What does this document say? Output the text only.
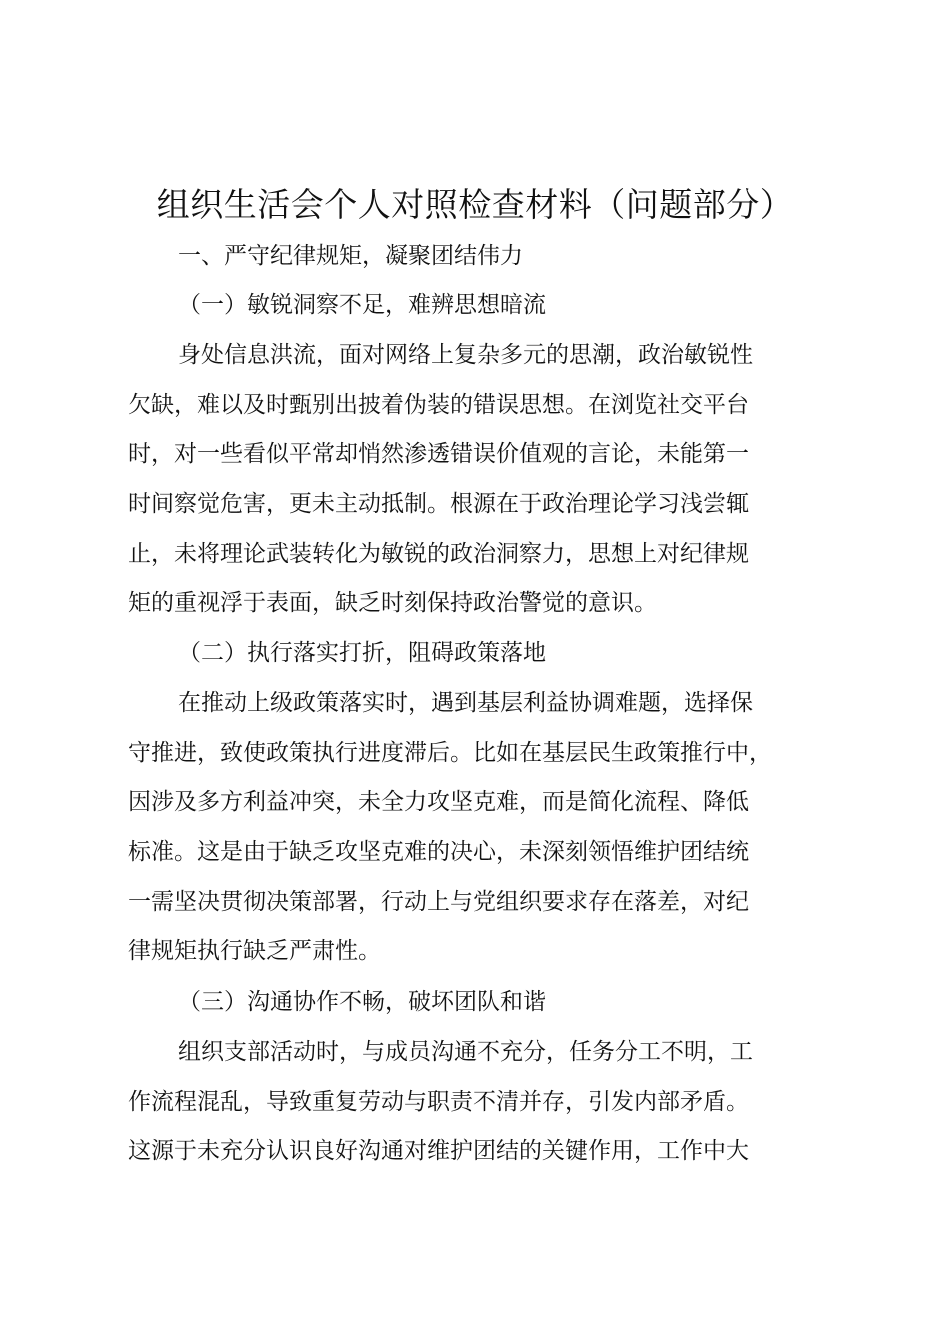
组织生活会个人对照检查材料（问题部分）
一、严守纪律规矩，凝聚团结伟力
（一）敏锐洞察不足，难辨思想暗流
身处信息洪流，面对网络上复杂多元的思潮，政治敏锐性
欠缺，难以及时甄别出披着伪装的错误思想。在浏览社交平台
时，对一些看似平常却悄然渗透错误价值观的言论，未能第一
时间察觉危害，更未主动抵制。根源在于政治理论学习浅尝辄
止，未将理论武装转化为敏锐的政治洞察力，思想上对纪律规
矩的重视浮于表面，缺乏时刻保持政治警觉的意识。
（二）执行落实打折，阻碍政策落地
在推动上级政策落实时，遇到基层利益协调难题，选择保
守推进，致使政策执行进度滞后。比如在基层民生政策推行中，
因涉及多方利益冲突，未全力攻坚克难，而是简化流程、降低
标准。这是由于缺乏攻坚克难的决心，未深刻领悟维护团结统
一需坚决贯彻决策部署，行动上与党组织要求存在落差，对纪
律规矩执行缺乏严肃性。
（三）沟通协作不畅，破坏团队和谐
组织支部活动时，与成员沟通不充分，任务分工不明，工
作流程混乱，导致重复劳动与职责不清并存，引发内部矛盾。
这源于未充分认识良好沟通对维护团结的关键作用，工作中大
